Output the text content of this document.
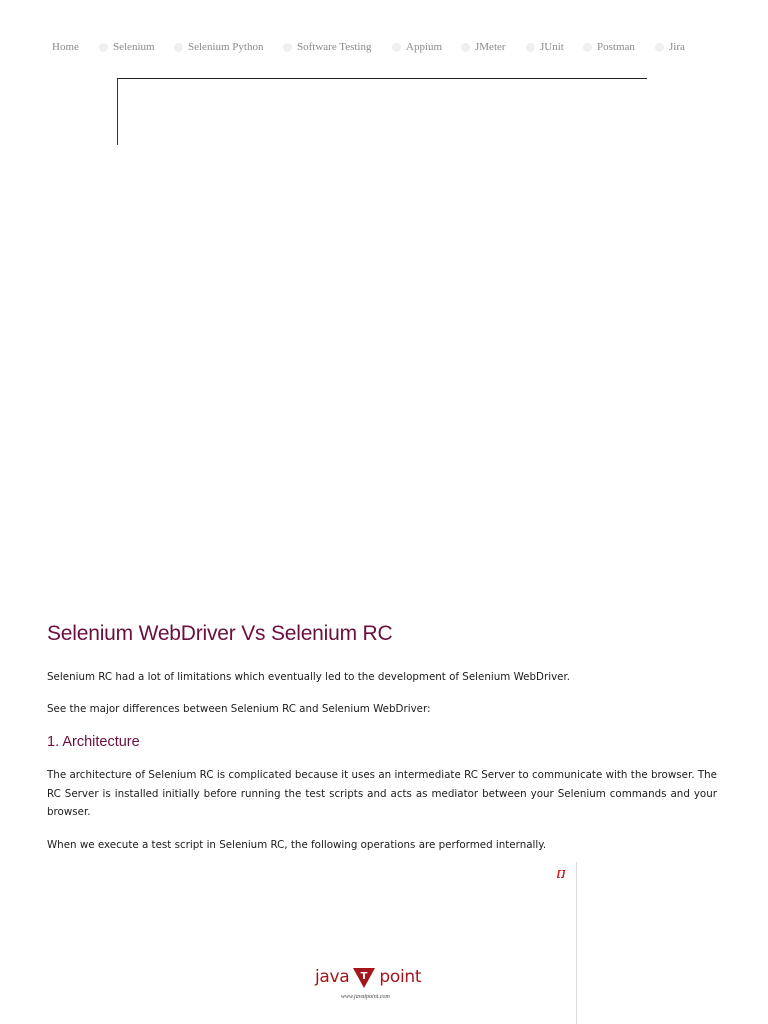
Home	Selenium	Selenium Python	Software Testing	Appium	JMeter	JUnit	Postman	Jira
Selenium WebDriver Vs Selenium RC

Selenium RC had a lot of limitations which eventually led to the development of Selenium WebDriver.

See the major differences between Selenium RC and Selenium WebDriver:

1. Architecture

The architecture of Selenium RC is complicated because it uses an intermediate RC Server to communicate with the browser. The RC Server is installed initially before running the test scripts and acts as mediator between your Selenium commands and your browser.

When we execute a test script in Selenium RC, the following operations are performed internally.

[]
java T point
www.javatpoint.com
